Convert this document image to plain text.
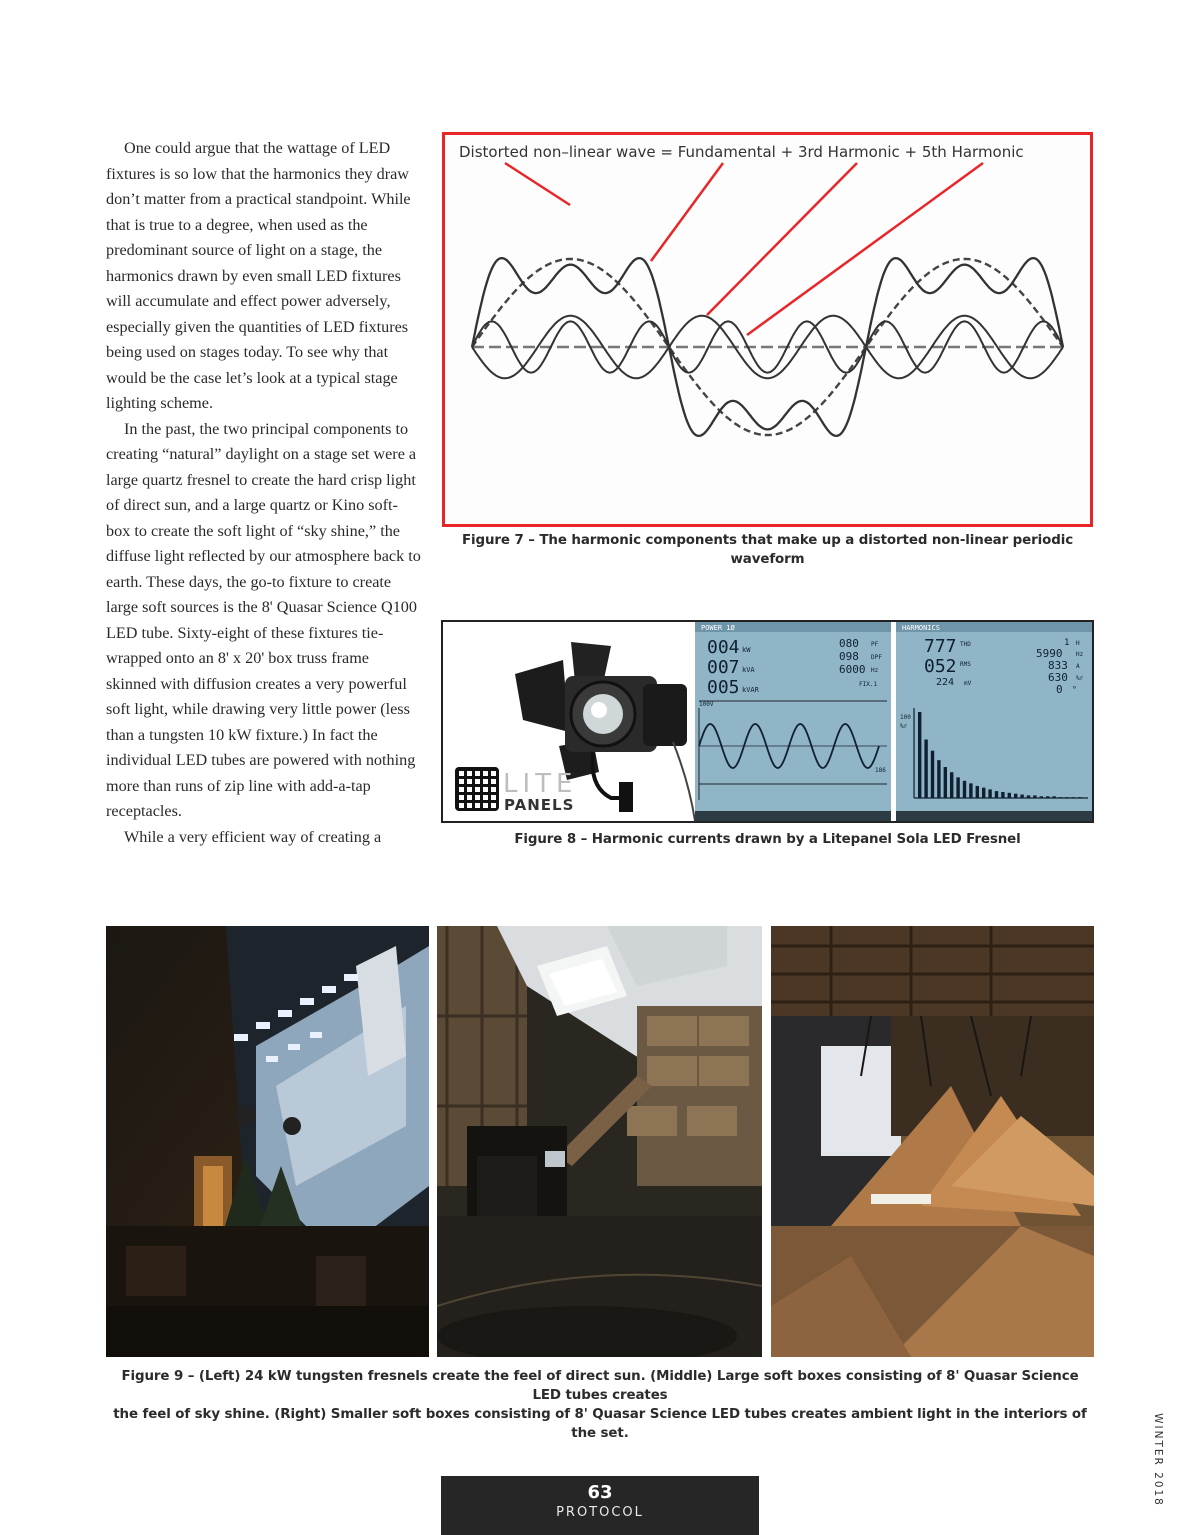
One could argue that the wattage of LED fixtures is so low that the harmonics they draw don’t matter from a practical standpoint. While that is true to a degree, when used as the predominant source of light on a stage, the harmonics drawn by even small LED fixtures will accumulate and effect power adversely, especially given the quantities of LED fixtures being used on stages today. To see why that would be the case let’s look at a typical stage lighting scheme.

In the past, the two principal components to creating “natural” daylight on a stage set were a large quartz fresnel to create the hard crisp light of direct sun, and a large quartz or Kino soft-box to create the soft light of “sky shine,” the diffuse light reflected by our atmosphere back to earth. These days, the go-to fixture to create large soft sources is the 8' Quasar Science Q100 LED tube. Sixty-eight of these fixtures tie-wrapped onto an 8' x 20' box truss frame skinned with diffusion creates a very powerful soft light, while drawing very little power (less than a tungsten 10 kW fixture.) In fact the individual LED tubes are powered with nothing more than runs of zip line with add-a-tap receptacles.

While a very efficient way of creating a

Distorted non–linear wave = Fundamental + 3rd Harmonic + 5th Harmonic
Figure 7 – The harmonic components that make up a distorted non-linear periodic waveform
LITE
PANELS
POWER 1Ø
004
007
005
kW
kVA
kVAR
080
098
6000
PF
DPF
Hz
FIX.1
100V
186
HARMONICS
777
052
224
THD
RMS
mV
1
5990
833
630
0
H
Hz
A
%r
°
100
%r
Figure 8 – Harmonic currents drawn by a Litepanel Sola LED Fresnel
Figure 9 – (Left) 24 kW tungsten fresnels create the feel of direct sun. (Middle) Large soft boxes consisting of 8' Quasar Science LED tubes creates
the feel of sky shine. (Right) Smaller soft boxes consisting of 8' Quasar Science LED tubes creates ambient light in the interiors of the set.	WINTER 2018
63
PROTOCOL
